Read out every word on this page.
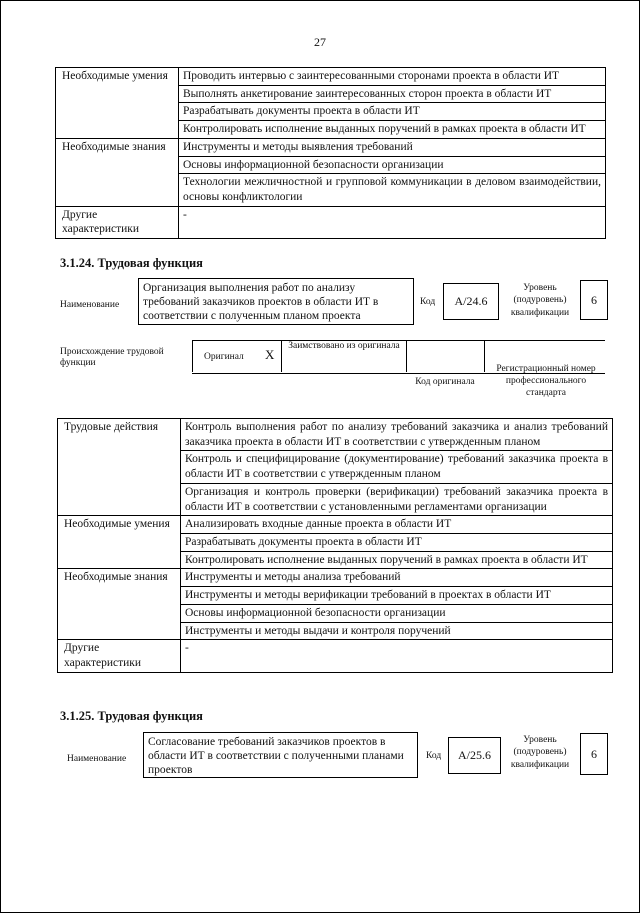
27
Необходимые умения	Проводить интервью с заинтересованными сторонами проекта в области ИТ
	Выполнять анкетирование заинтересованных сторон проекта в области ИТ
	Разрабатывать документы проекта в области ИТ
	Контролировать исполнение выданных поручений в рамках проекта в области ИТ
Необходимые знания	Инструменты и методы выявления требований
	Основы информационной безопасности организации
	Технологии межличностной и групповой коммуникации в деловом взаимодействии, основы конфликтологии
Другие характеристики	-
3.1.24. Трудовая функция
Наименование
Организация выполнения работ по анализу требований заказчиков проектов в области ИТ в соответствии с полученным планом проекта
Код А/24.6
Уровень (подуровень) квалификации
6
Происхождение трудовой функции
Оригинал X
Заимствовано из оригинала
Код оригинала
Регистрационный номер профессионального стандарта
Трудовые действия	Контроль выполнения работ по анализу требований заказчика и анализ требований заказчика проекта в области ИТ в соответствии с утвержденным планом
	Контроль и специфицирование (документирование) требований заказчика проекта в области ИТ в соответствии с утвержденным планом
	Организация и контроль проверки (верификации) требований заказчика проекта в области ИТ в соответствии с установленными регламентами организации
Необходимые умения	Анализировать входные данные проекта в области ИТ
	Разрабатывать документы проекта в области ИТ
	Контролировать исполнение выданных поручений в рамках проекта в области ИТ
Необходимые знания	Инструменты и методы анализа требований
	Инструменты и методы верификации требований в проектах в области ИТ
	Основы информационной безопасности организации
	Инструменты и методы выдачи и контроля поручений
Другие характеристики	-
3.1.25. Трудовая функция
Наименование
Согласование требований заказчиков проектов в области ИТ в соответствии с полученными планами проектов
Код А/25.6
Уровень (подуровень) квалификации
6
